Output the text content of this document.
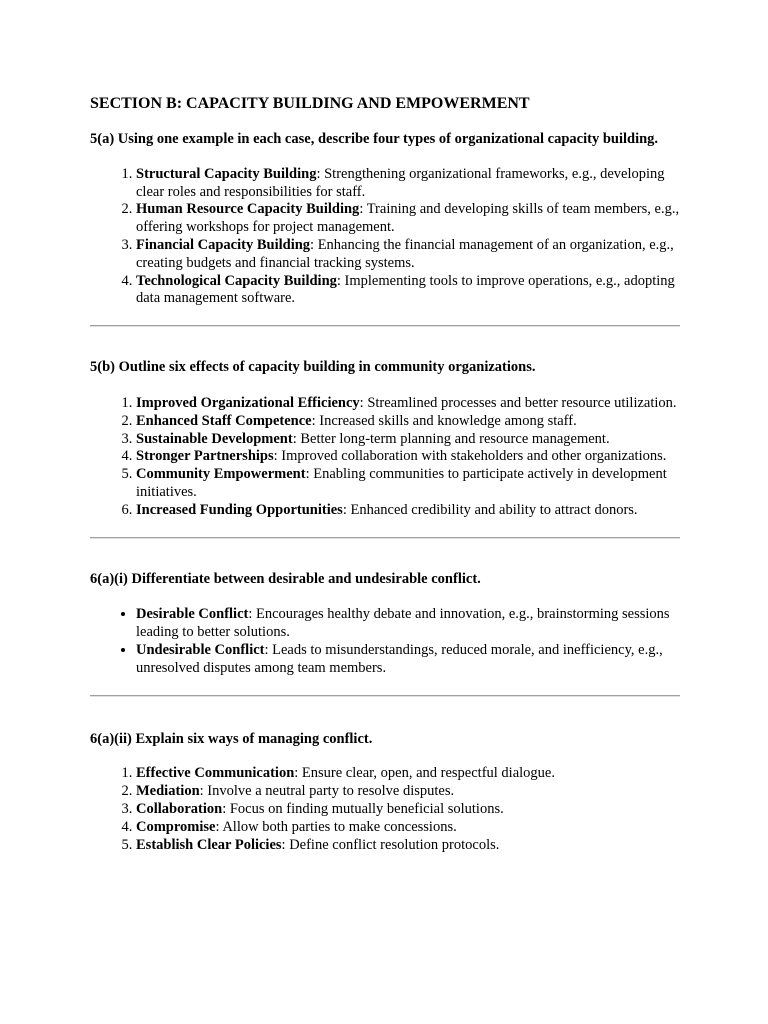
SECTION B: CAPACITY BUILDING AND EMPOWERMENT

5(a) Using one example in each case, describe four types of organizational capacity building.

1. Structural Capacity Building: Strengthening organizational frameworks, e.g., developing clear roles and responsibilities for staff.
2. Human Resource Capacity Building: Training and developing skills of team members, e.g., offering workshops for project management.
3. Financial Capacity Building: Enhancing the financial management of an organization, e.g., creating budgets and financial tracking systems.
4. Technological Capacity Building: Implementing tools to improve operations, e.g., adopting data management software.

5(b) Outline six effects of capacity building in community organizations.

1. Improved Organizational Efficiency: Streamlined processes and better resource utilization.
2. Enhanced Staff Competence: Increased skills and knowledge among staff.
3. Sustainable Development: Better long-term planning and resource management.
4. Stronger Partnerships: Improved collaboration with stakeholders and other organizations.
5. Community Empowerment: Enabling communities to participate actively in development initiatives.
6. Increased Funding Opportunities: Enhanced credibility and ability to attract donors.

6(a)(i) Differentiate between desirable and undesirable conflict.

• Desirable Conflict: Encourages healthy debate and innovation, e.g., brainstorming sessions leading to better solutions.
• Undesirable Conflict: Leads to misunderstandings, reduced morale, and inefficiency, e.g., unresolved disputes among team members.

6(a)(ii) Explain six ways of managing conflict.

1. Effective Communication: Ensure clear, open, and respectful dialogue.
2. Mediation: Involve a neutral party to resolve disputes.
3. Collaboration: Focus on finding mutually beneficial solutions.
4. Compromise: Allow both parties to make concessions.
5. Establish Clear Policies: Define conflict resolution protocols.
